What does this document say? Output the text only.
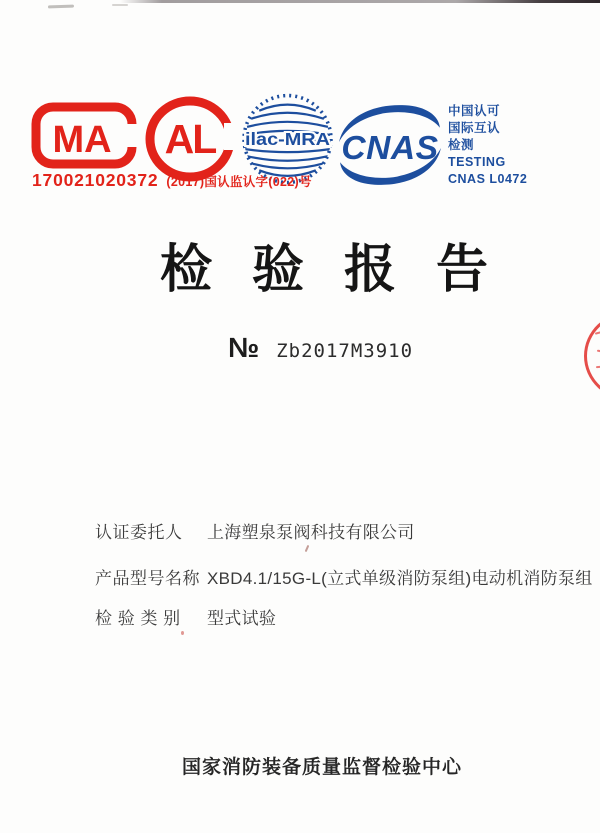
MA AL ilac-MRA CNAS
中国认可
国际互认
检测
TESTING
CNAS L0472
170021020372 (2017)国认监认字(022)号
检验报告
№ Zb2017M3910
认证委托人	上海塑泉泵阀科技有限公司
产品型号名称 XBD4.1/15G-L(立式单级消防泵组)电动机消防泵组
检 验 类 别	型式试验
国家消防装备质量监督检验中心
